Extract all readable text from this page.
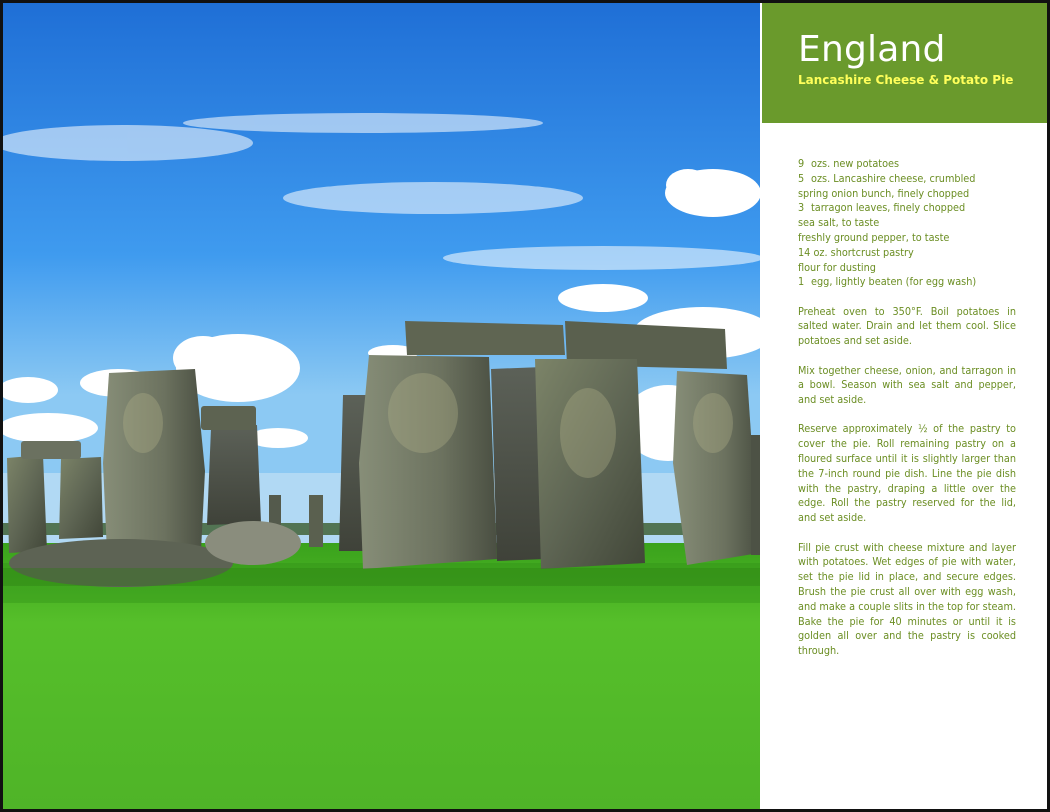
England
Lancashire Cheese & Potato Pie
9 ozs. new potatoes
5 ozs. Lancashire cheese, crumbled
spring onion bunch, finely chopped
3 tarragon leaves, finely chopped
sea salt, to taste
freshly ground pepper, to taste
14 oz. shortcrust pastry
flour for dusting
1 egg, lightly beaten (for egg wash)

Preheat oven to 350°F. Boil potatoes in salted water. Drain and let them cool. Slice potatoes and set aside.

Mix together cheese, onion, and tarragon in a bowl. Season with sea salt and pepper, and set aside.

Reserve approximately ½ of the pastry to cover the pie. Roll remaining pastry on a floured surface until it is slightly larger than the 7-inch round pie dish. Line the pie dish with the pastry, draping a little over the edge. Roll the pastry reserved for the lid, and set aside.

Fill pie crust with cheese mixture and layer with potatoes. Wet edges of pie with water, set the pie lid in place, and secure edges. Brush the pie crust all over with egg wash, and make a couple slits in the top for steam. Bake the pie for 40 minutes or until it is golden all over and the pastry is cooked through.
